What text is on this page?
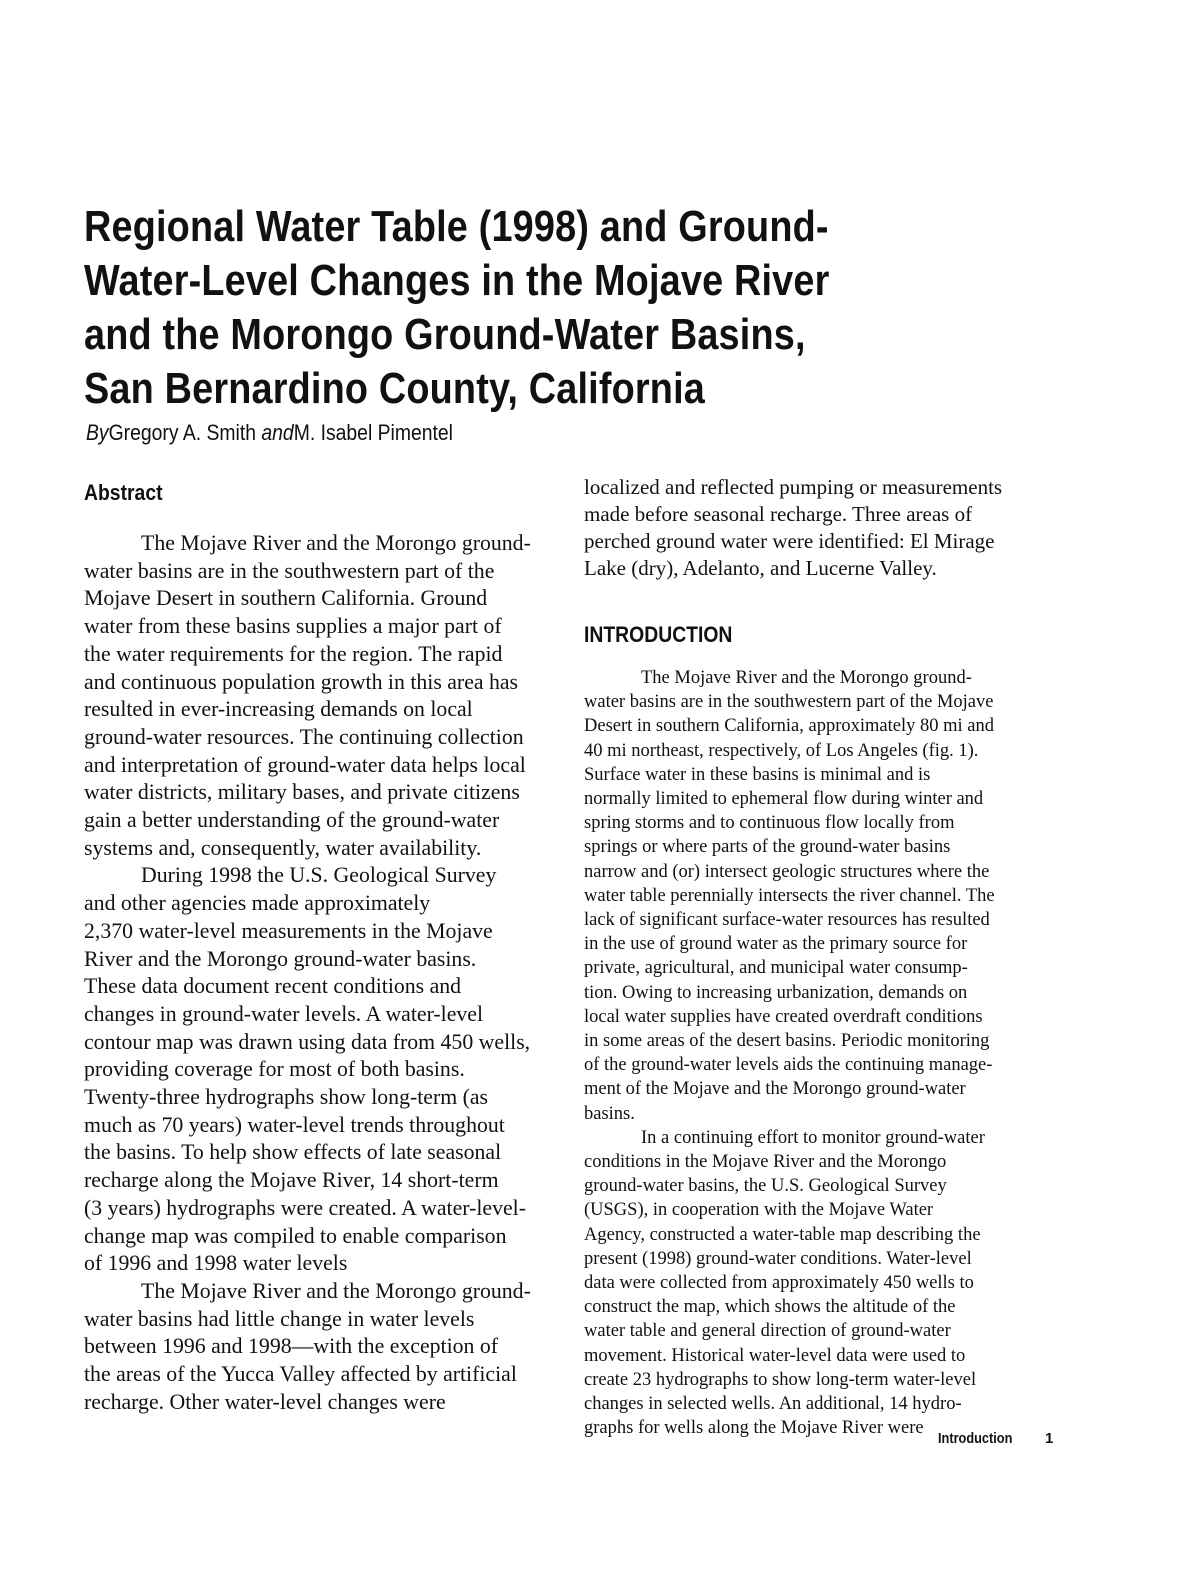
Regional Water Table (1998) and Ground-
Water-Level Changes in the Mojave River
and the Morongo Ground-Water Basins,
San Bernardino County, California
ByGregory A. Smith andM. Isabel Pimentel
Abstract
The Mojave River and the Morongo ground-
water basins are in the southwestern part of the
Mojave Desert in southern California. Ground
water from these basins supplies a major part of
the water requirements for the region. The rapid
and continuous population growth in this area has
resulted in ever-increasing demands on local
ground-water resources. The continuing collection
and interpretation of ground-water data helps local
water districts, military bases, and private citizens
gain a better understanding of the ground-water
systems and, consequently, water availability.
During 1998 the U.S. Geological Survey
and other agencies made approximately
2,370 water-level measurements in the Mojave
River and the Morongo ground-water basins.
These data document recent conditions and
changes in ground-water levels. A water-level
contour map was drawn using data from 450 wells,
providing coverage for most of both basins.
Twenty-three hydrographs show long-term (as
much as 70 years) water-level trends throughout
the basins. To help show effects of late seasonal
recharge along the Mojave River, 14 short-term
(3 years) hydrographs were created. A water-level-
change map was compiled to enable comparison
of 1996 and 1998 water levels
The Mojave River and the Morongo ground-
water basins had little change in water levels
between 1996 and 1998—with the exception of
the areas of the Yucca Valley affected by artificial
recharge. Other water-level changes were
localized and reflected pumping or measurements
made before seasonal recharge. Three areas of
perched ground water were identified: El Mirage
Lake (dry), Adelanto, and Lucerne Valley.
INTRODUCTION
The Mojave River and the Morongo ground-
water basins are in the southwestern part of the Mojave
Desert in southern California, approximately 80 mi and
40 mi northeast, respectively, of Los Angeles (fig. 1).
Surface water in these basins is minimal and is
normally limited to ephemeral flow during winter and
spring storms and to continuous flow locally from
springs or where parts of the ground-water basins
narrow and (or) intersect geologic structures where the
water table perennially intersects the river channel. The
lack of significant surface-water resources has resulted
in the use of ground water as the primary source for
private, agricultural, and municipal water consump-
tion. Owing to increasing urbanization, demands on
local water supplies have created overdraft conditions
in some areas of the desert basins. Periodic monitoring
of the ground-water levels aids the continuing manage-
ment of the Mojave and the Morongo ground-water
basins.
In a continuing effort to monitor ground-water
conditions in the Mojave River and the Morongo
ground-water basins, the U.S. Geological Survey
(USGS), in cooperation with the Mojave Water
Agency, constructed a water-table map describing the
present (1998) ground-water conditions. Water-level
data were collected from approximately 450 wells to
construct the map, which shows the altitude of the
water table and general direction of ground-water
movement. Historical water-level data were used to
create 23 hydrographs to show long-term water-level
changes in selected wells. An additional, 14 hydro-
graphs for wells along the Mojave River were
Introduction 1
